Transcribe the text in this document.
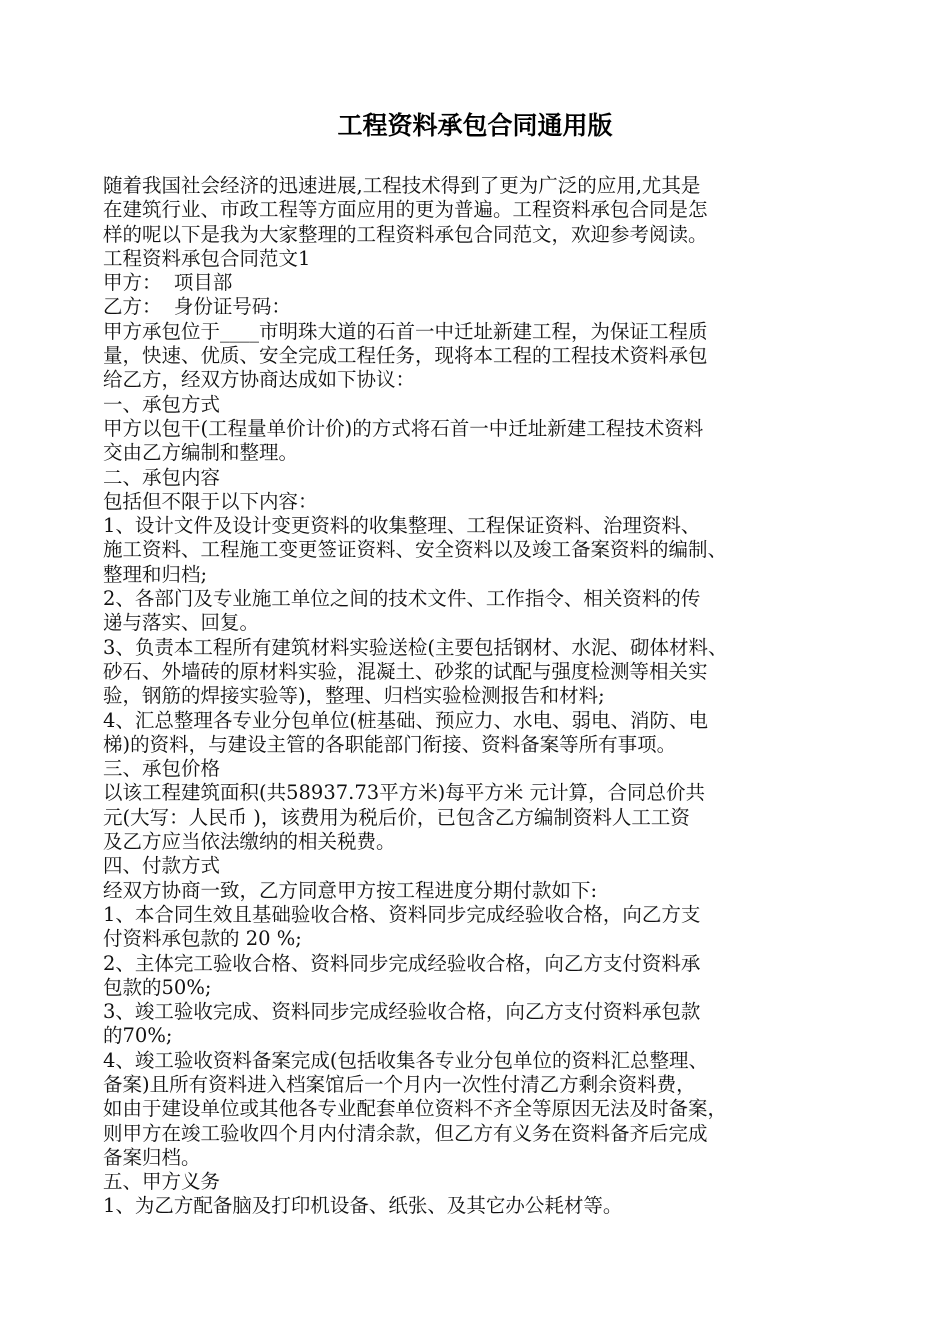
工程资料承包合同通用版
随着我国社会经济的迅速进展,工程技术得到了更为广泛的应用,尤其是
在建筑行业、市政工程等方面应用的更为普遍。工程资料承包合同是怎
样的呢以下是我为大家整理的工程资料承包合同范文，欢迎参考阅读。
工程资料承包合同范文1
甲方：  项目部
乙方：  身份证号码：
甲方承包位于____市明珠大道的石首一中迁址新建工程，为保证工程质
量，快速、优质、安全完成工程任务，现将本工程的工程技术资料承包
给乙方，经双方协商达成如下协议：
一、承包方式
甲方以包干(工程量单价计价)的方式将石首一中迁址新建工程技术资料
交由乙方编制和整理。
二、承包内容
包括但不限于以下内容：
1、设计文件及设计变更资料的收集整理、工程保证资料、治理资料、
施工资料、工程施工变更签证资料、安全资料以及竣工备案资料的编制、
整理和归档;
2、各部门及专业施工单位之间的技术文件、工作指令、相关资料的传
递与落实、回复。
3、负责本工程所有建筑材料实验送检(主要包括钢材、水泥、砌体材料、
砂石、外墙砖的原材料实验，混凝土、砂浆的试配与强度检测等相关实
验，钢筋的焊接实验等)，整理、归档实验检测报告和材料;
4、汇总整理各专业分包单位(桩基础、预应力、水电、弱电、消防、电
梯)的资料，与建设主管的各职能部门衔接、资料备案等所有事项。
三、承包价格
以该工程建筑面积(共58937.73平方米)每平方米 元计算，合同总价共
元(大写：人民币 )，该费用为税后价，已包含乙方编制资料人工工资
及乙方应当依法缴纳的相关税费。
四、付款方式
经双方协商一致，乙方同意甲方按工程进度分期付款如下:
1、本合同生效且基础验收合格、资料同步完成经验收合格，向乙方支
付资料承包款的 20 %;
2、主体完工验收合格、资料同步完成经验收合格，向乙方支付资料承
包款的50%;
3、竣工验收完成、资料同步完成经验收合格，向乙方支付资料承包款
的70%;
4、竣工验收资料备案完成(包括收集各专业分包单位的资料汇总整理、
备案)且所有资料进入档案馆后一个月内一次性付清乙方剩余资料费，
如由于建设单位或其他各专业配套单位资料不齐全等原因无法及时备案，
则甲方在竣工验收四个月内付清余款，但乙方有义务在资料备齐后完成
备案归档。
五、甲方义务
1、为乙方配备脑及打印机设备、纸张、及其它办公耗材等。
